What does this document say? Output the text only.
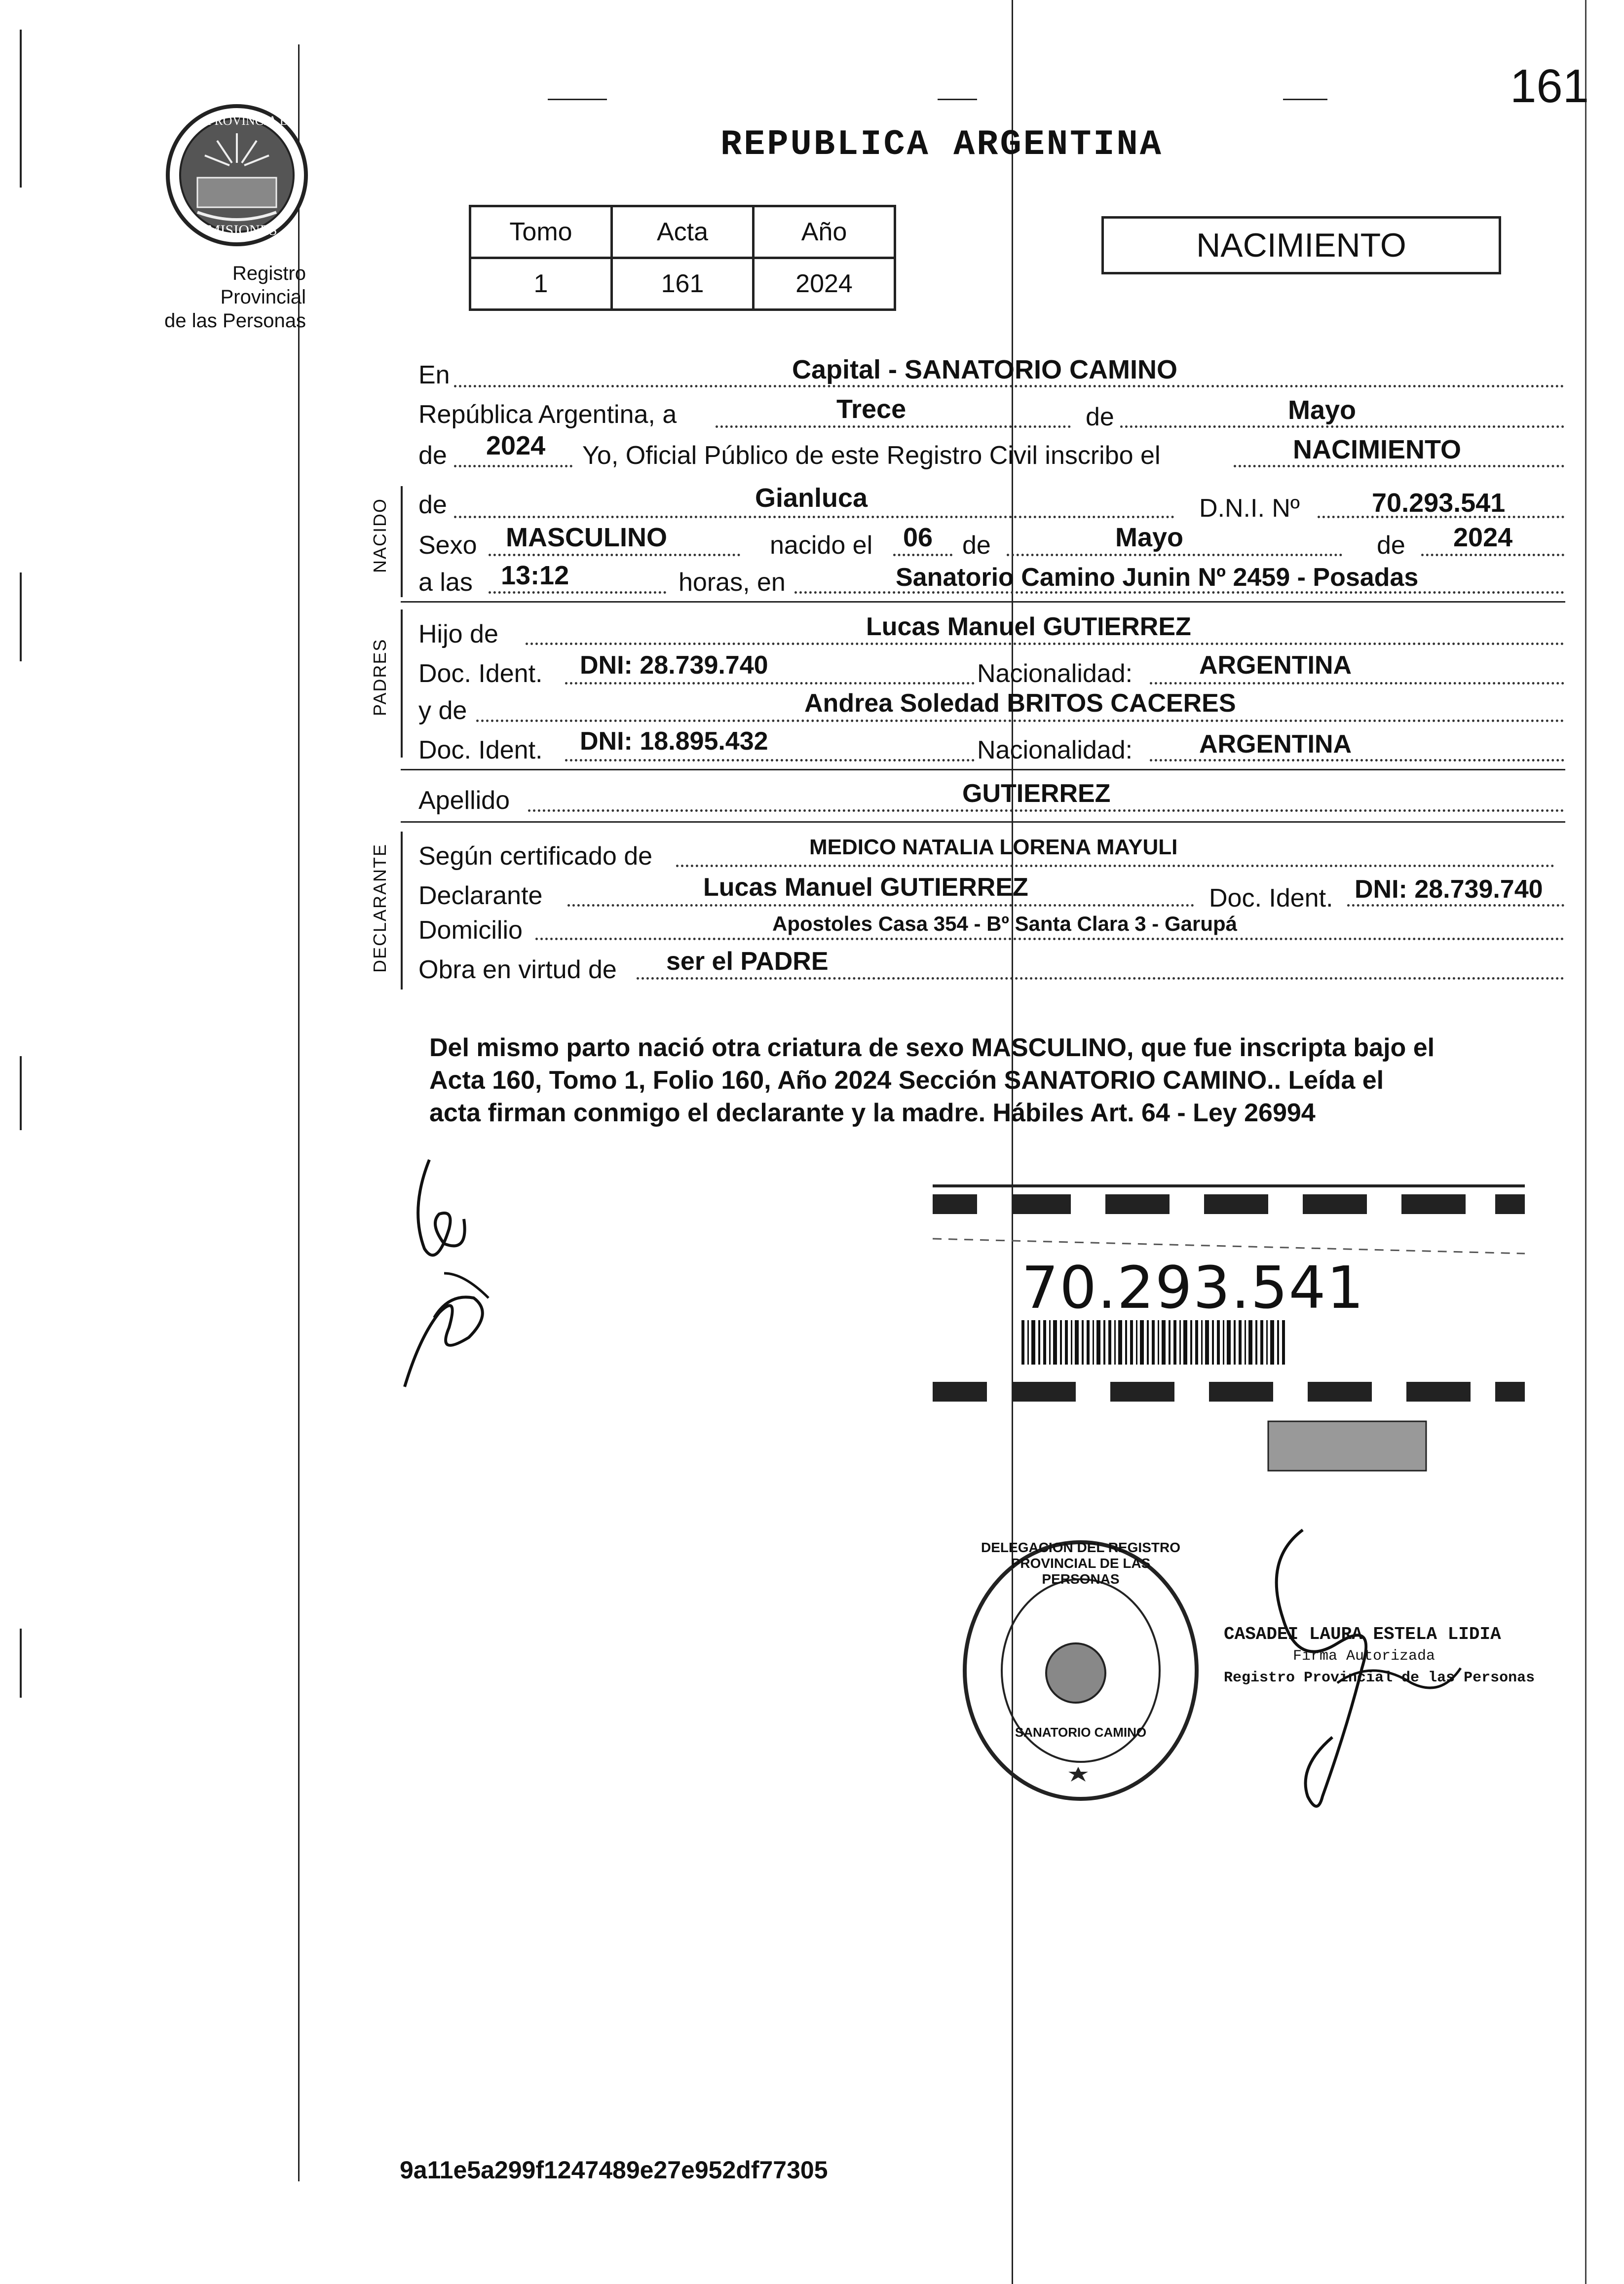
161
PROVINCIA DE
MISIONES
Registro Provincial
de las Personas
REPUBLICA ARGENTINA
Tomo	Acta	Año
1	161	2024
NACIMIENTO
En	Capital - SANATORIO CAMINO
República Argentina, a	Trece	de	Mayo
de 2024 Yo, Oficial Público de este Registro Civil inscribo el	NACIMIENTO
NACIDO de	Gianluca	D.N.I. Nº	70.293.541
Sexo MASCULINO	nacido el 06 de	Mayo	de 2024
a las 13:12	horas, en	Sanatorio Camino Junin Nº 2459 - Posadas
PADRES
Hijo de	Lucas Manuel GUTIERREZ
Doc. Ident. DNI: 28.739.740	Nacionalidad:	ARGENTINA
y de	Andrea Soledad BRITOS CACERES
Doc. Ident. DNI: 18.895.432	Nacionalidad:	ARGENTINA
Apellido	GUTIERREZ
DECLARANTE Según certificado de	MEDICO NATALIA LORENA MAYULI
Declarante	Lucas Manuel GUTIERREZ	Doc. Ident. DNI: 28.739.740
Domicilio	Apostoles Casa 354 - Bº Santa Clara 3 - Garupá
Obra en virtud de ser el PADRE
Del mismo parto nació otra criatura de sexo MASCULINO, que fue inscripta bajo el
Acta 160, Tomo 1, Folio 160, Año 2024 Sección SANATORIO CAMINO.. Leída el
acta firman conmigo el declarante y la madre. Hábiles Art. 64 - Ley 26994
70.293.541
DELEGACION DEL REGISTRO PROVINCIAL DE LAS PERSONAS
SANATORIO CAMINO
CASADEI LAURA ESTELA LIDIA
Firma Autorizada
Registro Provincial de las Personas
9a11e5a299f1247489e27e952df77305
